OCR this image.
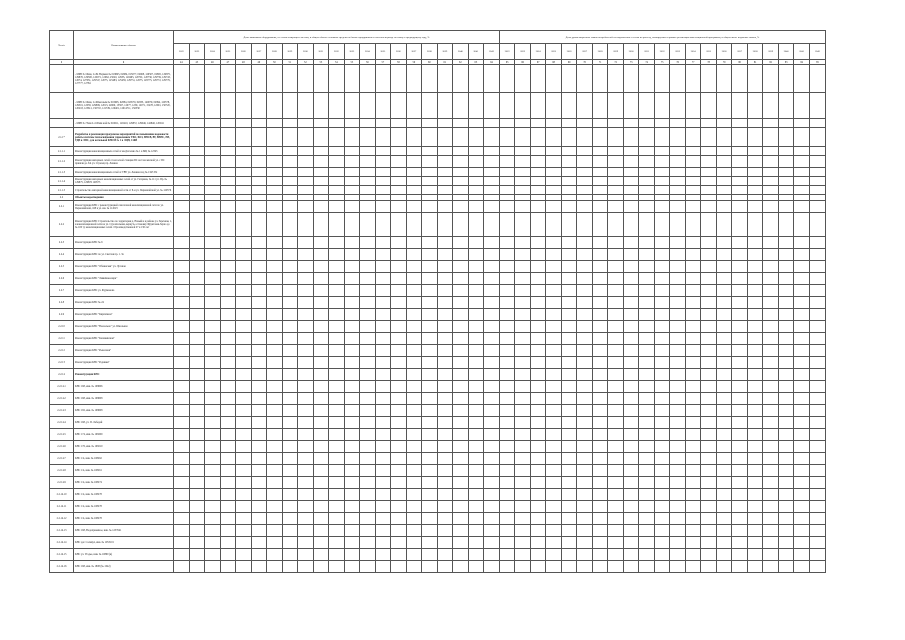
№ п/п	Наименование объекта	Доля зависимых оборудования, не соответствующего местам, в общем объеме основных средств на баланс предприятия в отчетном периоде по плану к предыдущему году, %																					Доля удовлетворенных заявок потребителей на подключение к сетям по расчету, планируемых в рамках реализации инвестиционной программы, в общем числе поданных заявок, %																				
		2022	2023	2024	2025	2026	2027	2028	2029	2030	2031	2032	2033	2034	2035	2036	2037	2038	2039	2040	2041	2042	2022	2023	2024	2025	2026	2027	2028	2029	2030	2031	2032	2033	2034	2035	2036	2037	2038	2039	2040	2041	2042
1	2	44	45	46	47	48	49	50	51	52	53	54	55	56	57	58	59	60	61	62	63	64	65	66	67	68	69	70	71	72	73	74	75	76	77	78	79	80	81	82	83	84	85
	- МРП 0÷50мм, L=84 Нормам № 018695, 02884, 015677, 02908, 129507, 02895, 129875, 129876, 129500, 120071, 12062, 25020, 1293S, 120495, 120701, 120730, 129739, 129743, 12074, 127031, 129747, 12075, 125483, 125458, 129751, 12075, 129775, 129772, 129779, 127777, 12784																																										
	- МРП 0÷50мм, L=60мм ным № 018695, 02884, 029570, 02833, 140079, 02894, 129578, 129501, 12058, 129809, 12013, 22600, 13597, 12077, 1239, 12071, 15478, 12091, 150720, 120218, 123611, 150710, 121539, 120401, 12014711, 150330																																										
	- МРП 0÷75мм L=100мм ной № 016611, 120410, 129872, 129046, 142846, 120041																																										
2.1.1*	Разработка и реализация программы мероприятий по повышению надежности работы системы теплоснабжения управлением ТБО, БОЗ, ВНСВ, ВУ, ВЕНС, ЕН, ТДВ и ЛПС, для котельной КНСМ № 1 в ЭЦН, СЖВ																																										
2.1.1.1	Реконструкция канализационных сетей от кв.Дагалево № 1 в МЦ № 12345																																										
2.1.1.2	Реконструкция напорных сетей от насосной станции ПС на Смоленской ул. с ПС пришли до ЛА ул. Стрелец пр. Ленина																																										
2.1.1.3	Реконструкция канализационных сетей от ТВУ ул. Ленина под № 1345 ТК																																										
2.1.1.4	Реконструкция напорных канализационных сетей от ул. Гагарина, № 111 ул. Пр. № 129875, 129876 129575																																										
2.1.1.5	Строительство напорной канализационной сети от Р-и ул. Первомайской ул. № 129576																																										
2.2	Объекты водоотведения																																										
2.2.1	Реконструкция КНС с реконструкцией самотечной канализационной сети по ул. Первомайской, 168 в ул. им. № 114523																																										
2.2.2	Реконструкция КНС Строительство по территории д. Новый и в районе ул. Заречная, 1, и канализационной сети на ул. Строительная, вернуть остановку Фруктовая-Зерно до № 100 ту канализационных сетей с Производственной 27 в 130 лет																																										
2.2.3	Реконструкция КНС № 6																																										
2.2.4	Реконструкция КНС по ул. Светлая пр. 1. 3а																																										
2.2.5	Реконструкция КНС "Обнинская" ул. Луговая																																										
2.2.6	Реконструкция КНС "Ливнёвая-шарк"																																										
2.2.7	Реконструкция КНС ул. Фурманова																																										
2.2.8	Реконструкция КНС № 24																																										
2.2.9	Реконструкция КНС "Кирпичная"																																										
2.2.10	Реконструкция КНС "Вокзально" ул. Школьная																																										
2.2.11	Реконструкция КНС "Калининская"																																										
2.2.12	Реконструкция КНС "Рыночная"																																										
2.2.13	Реконструкция КНС "Родники"																																										
2.2.14	Реконструкция КНС																																										
2.2.14.1	КНС 168, инв. № 108606																																										
2.2.14.2	КНС 168, инв. № 108608																																										
2.2.14.3	КНС 182, инв. № 108608																																										
2.2.14.4	КНС 168, ул. П. Лебедей																																										
2.2.14.5	КНС 174, инв. № 108209																																										
2.2.14.6	КНС 176, инв. № 108210																																										
2.2.14.7	КНС 1/4, инв. № 108262																																										
2.2.14.8	КНС 1/4, инв. № 108261																																										
2.2.14.9	КНС 1/4, инв. № 108274																																										
2.2.14.10	КНС 1/4, инв. № 108278																																										
2.2.14.11	КНС 1/4, инв. № 108278																																										
2.2.14.12	КНС 1/4, инв. № 108278																																										
2.2.14.13	КНС 168, Водоприемное, инв. № 1237641																																										
2.2.14.14	КНС дог. Салмаул, инв. № 1053101																																										
2.2.14.15	КНС ул. Угодье, инв. № 10890 (в)																																										
2.2.14.16	КНС 168, инв. № 1808 (№ 1042)																																										
